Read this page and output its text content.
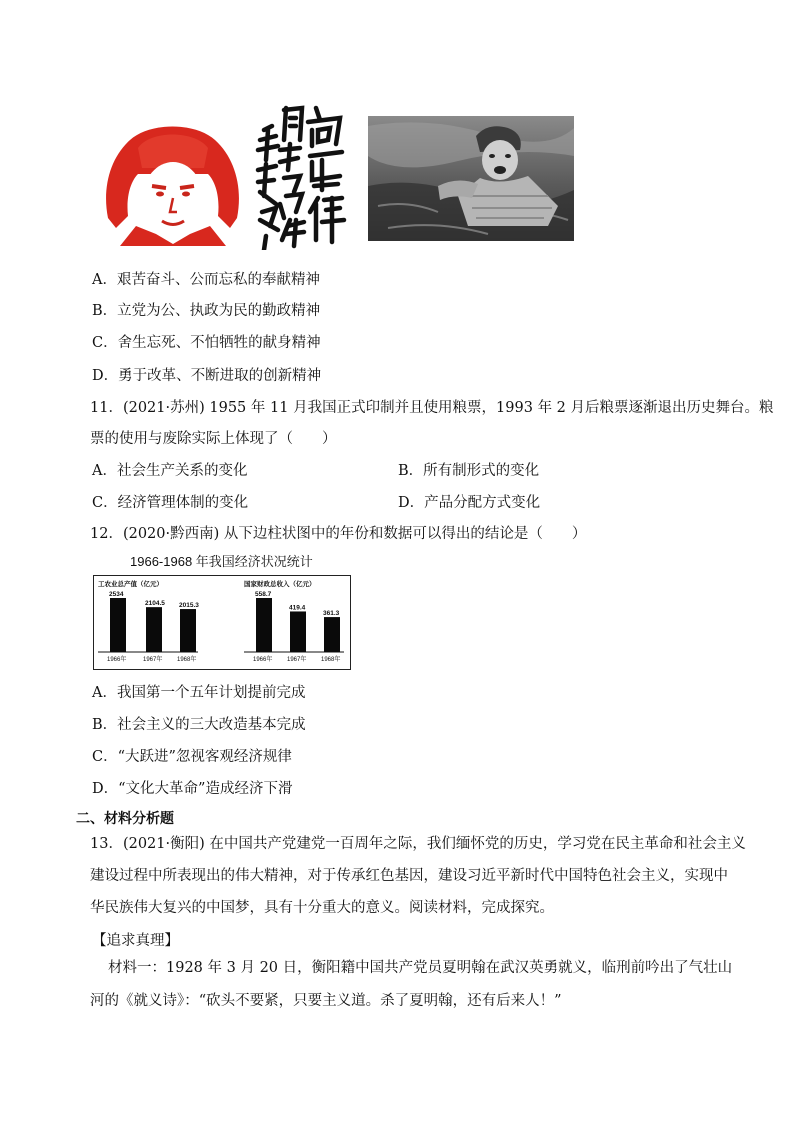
A．艰苦奋斗、公而忘私的奉献精神
B．立党为公、执政为民的勤政精神
C．舍生忘死、不怕牺牲的献身精神
D．勇于改革、不断进取的创新精神
11．(2021·苏州) 1955 年 11 月我国正式印制并且使用粮票，1993 年 2 月后粮票逐渐退出历史舞台。粮
票的使用与废除实际上体现了（　　）
A．社会生产关系的变化	B．所有制形式的变化
C．经济管理体制的变化	D．产品分配方式变化
12．(2020·黔西南) 从下边柱状图中的年份和数据可以得出的结论是（　　）
1966-1968 年我国经济状况统计
工农业总产值（亿元）
2534
1966年
2104.5
1967年
2015.3
1968年
国家财政总收入（亿元）
558.7
1966年
419.4
1967年
361.3
1968年
A．我国第一个五年计划提前完成
B．社会主义的三大改造基本完成
C．“大跃进”忽视客观经济规律
D．“文化大革命”造成经济下滑
二、材料分析题
13．(2021·衡阳) 在中国共产党建党一百周年之际，我们缅怀党的历史，学习党在民主革命和社会主义
建设过程中所表现出的伟大精神，对于传承红色基因，建设习近平新时代中国特色社会主义，实现中
华民族伟大复兴的中国梦，具有十分重大的意义。阅读材料，完成探究。
【追求真理】
材料一：1928 年 3 月 20 日，衡阳籍中国共产党员夏明翰在武汉英勇就义，临刑前吟出了气壮山
河的《就义诗》：“砍头不要紧，只要主义道。杀了夏明翰，还有后来人！”
